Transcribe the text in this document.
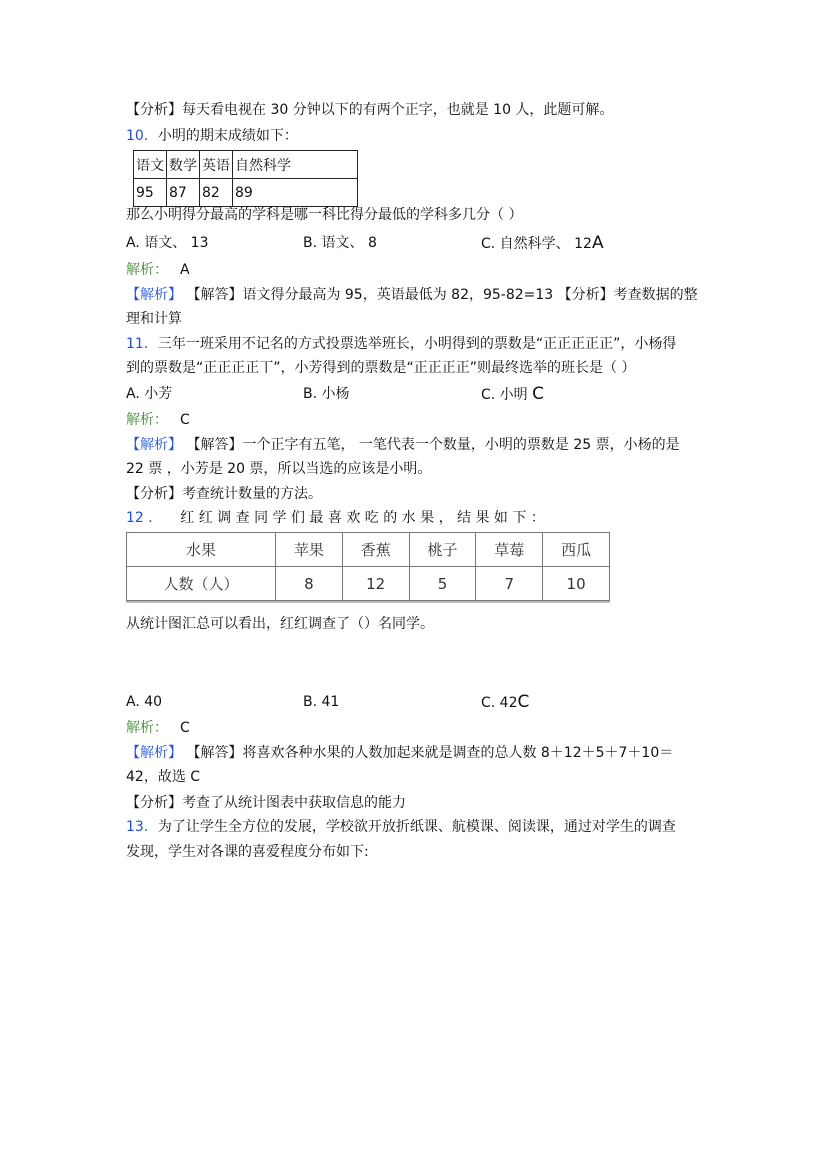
【分析】每天看电视在 30 分钟以下的有两个正字，也就是 10 人，此题可解。
10．小明的期末成绩如下：
语文	数学	英语	自然科学
95	87	82	89
那么小明得分最高的学科是哪一科比得分最低的学科多几分（ ）
A. 语文、 13	B. 语文、 8	C. 自然科学、 12A
解析： A
【解析】 【解答】语文得分最高为 95，英语最低为 82，95-82=13 【分析】考查数据的整
理和计算
11．三年一班采用不记名的方式投票选举班长，小明得到的票数是“正正正正正”，小杨得
到的票数是“正正正正丅”，小芳得到的票数是“正正正正”则最终选举的班长是（ ）
A. 小芳	B. 小杨	C. 小明 C
解析： C
【解析】 【解答】一个正字有五笔， 一笔代表一个数量，小明的票数是 25 票，小杨的是
22 票 ，小芳是 20 票，所以当选的应该是小明。
【分析】考查统计数量的方法。
12 ． 红 红 调 查 同 学 们 最 喜 欢 吃 的 水 果 ， 结 果 如 下 ：
水果	苹果	香蕉	桃子	草莓	西瓜
人数（人）	8	12	5	7	10
从统计图汇总可以看出，红红调查了（）名同学。
A. 40	B. 41	C. 42C
解析： C
【解析】 【解答】将喜欢各种水果的人数加起来就是调查的总人数 8＋12＋5＋7＋10＝
42，故选 C
【分析】考查了从统计图表中获取信息的能力
13．为了让学生全方位的发展，学校欲开放折纸课、航模课、阅读课，通过对学生的调查
发现，学生对各课的喜爱程度分布如下:
